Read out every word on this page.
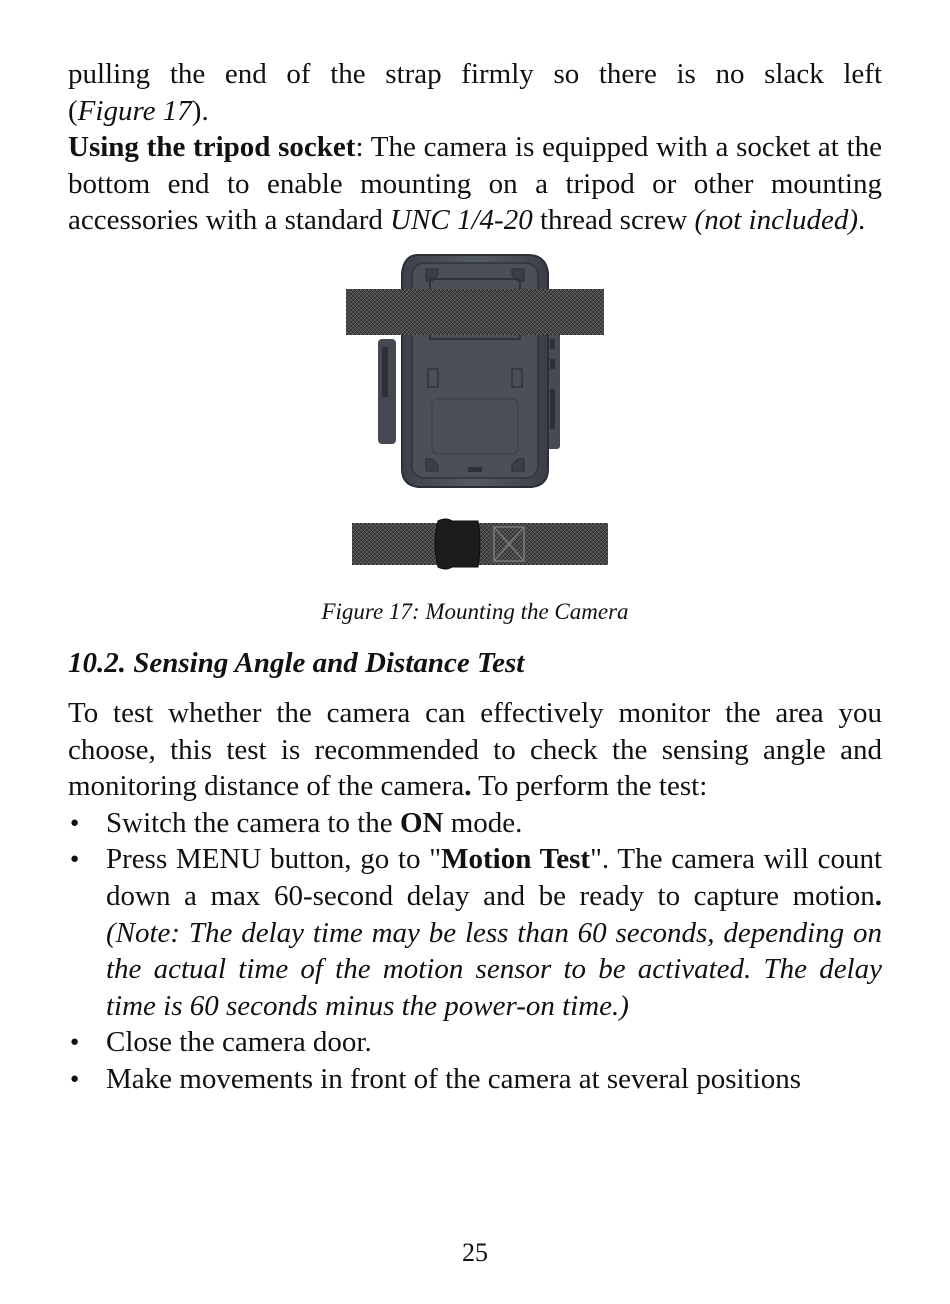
pulling the end of the strap firmly so there is no slack left

(Figure 17).

Using the tripod socket: The camera is equipped with a socket at the bottom end to enable mounting on a tripod or other mounting accessories with a standard UNC 1/4-20 thread screw (not included).

Figure 17: Mounting the Camera
10.2. Sensing Angle and Distance Test

To test whether the camera can effectively monitor the area you choose, this test is recommended to check the sensing angle and monitoring distance of the camera. To perform the test:

● Switch the camera to the ON mode.
● Press MENU button, go to "Motion Test". The camera will count down a max 60-second delay and be ready to capture motion. (Note: The delay time may be less than 60 seconds, depending on the actual time of the motion sensor to be activated. The delay time is 60 seconds minus the power-on time.)
● Close the camera door.
● Make movements in front of the camera at several positions
25
